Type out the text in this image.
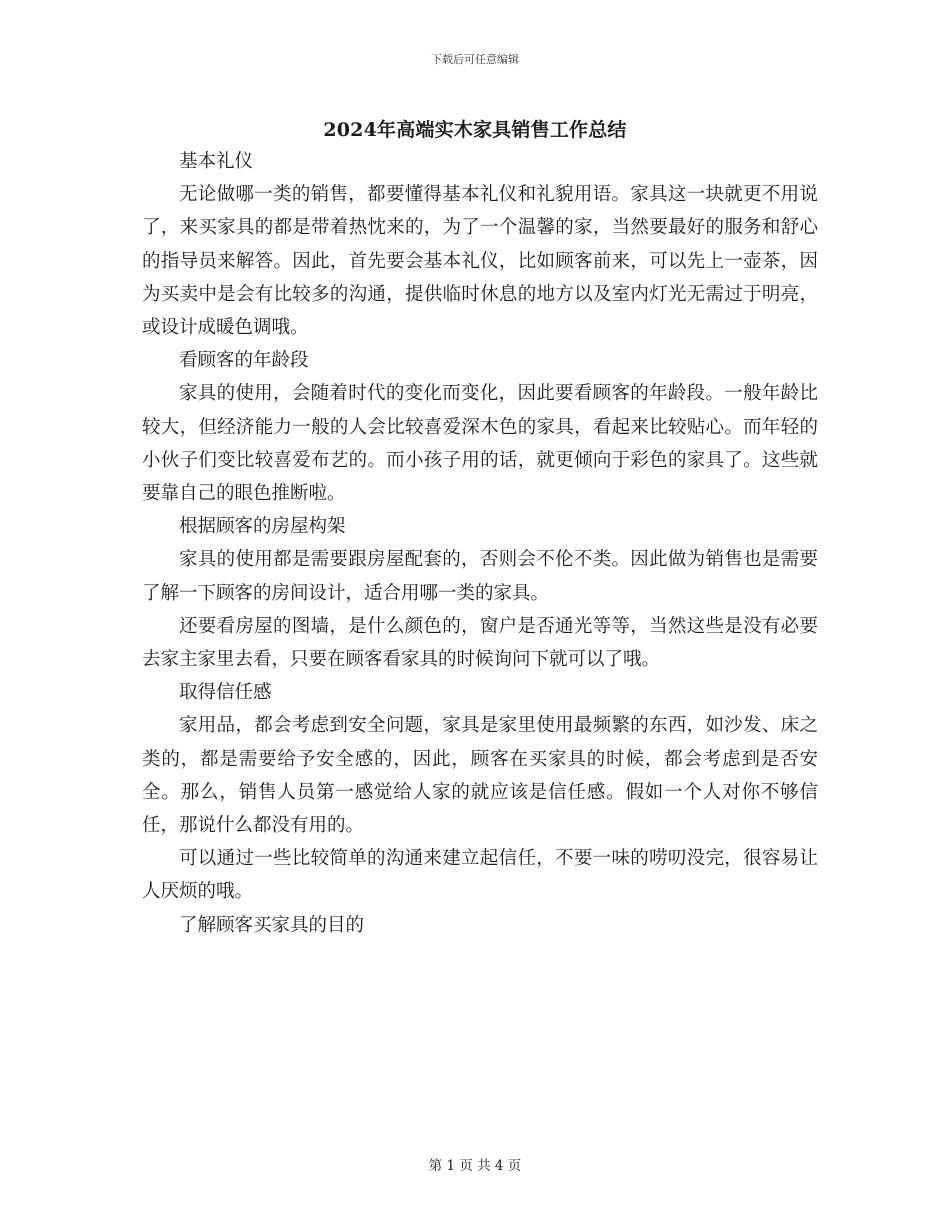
下载后可任意编辑
2024年高端实木家具销售工作总结

基本礼仪

无论做哪一类的销售，都要懂得基本礼仪和礼貌用语。家具这一块就更不用说了，来买家具的都是带着热忱来的，为了一个温馨的家，当然要最好的服务和舒心的指导员来解答。因此，首先要会基本礼仪，比如顾客前来，可以先上一壶茶，因为买卖中是会有比较多的沟通，提供临时休息的地方以及室内灯光无需过于明亮，或设计成暖色调哦。

看顾客的年龄段

家具的使用，会随着时代的变化而变化，因此要看顾客的年龄段。一般年龄比较大，但经济能力一般的人会比较喜爱深木色的家具，看起来比较贴心。而年轻的小伙子们变比较喜爱布艺的。而小孩子用的话，就更倾向于彩色的家具了。这些就要靠自己的眼色推断啦。

根据顾客的房屋构架

家具的使用都是需要跟房屋配套的，否则会不伦不类。因此做为销售也是需要了解一下顾客的房间设计，适合用哪一类的家具。

还要看房屋的图墙，是什么颜色的，窗户是否通光等等，当然这些是没有必要去家主家里去看，只要在顾客看家具的时候询问下就可以了哦。

取得信任感

家用品，都会考虑到安全问题，家具是家里使用最频繁的东西，如沙发、床之类的，都是需要给予安全感的，因此，顾客在买家具的时候，都会考虑到是否安全。那么，销售人员第一感觉给人家的就应该是信任感。假如一个人对你不够信任，那说什么都没有用的。

可以通过一些比较简单的沟通来建立起信任，不要一味的唠叨没完，很容易让人厌烦的哦。

了解顾客买家具的目的

第 1 页 共 4 页
